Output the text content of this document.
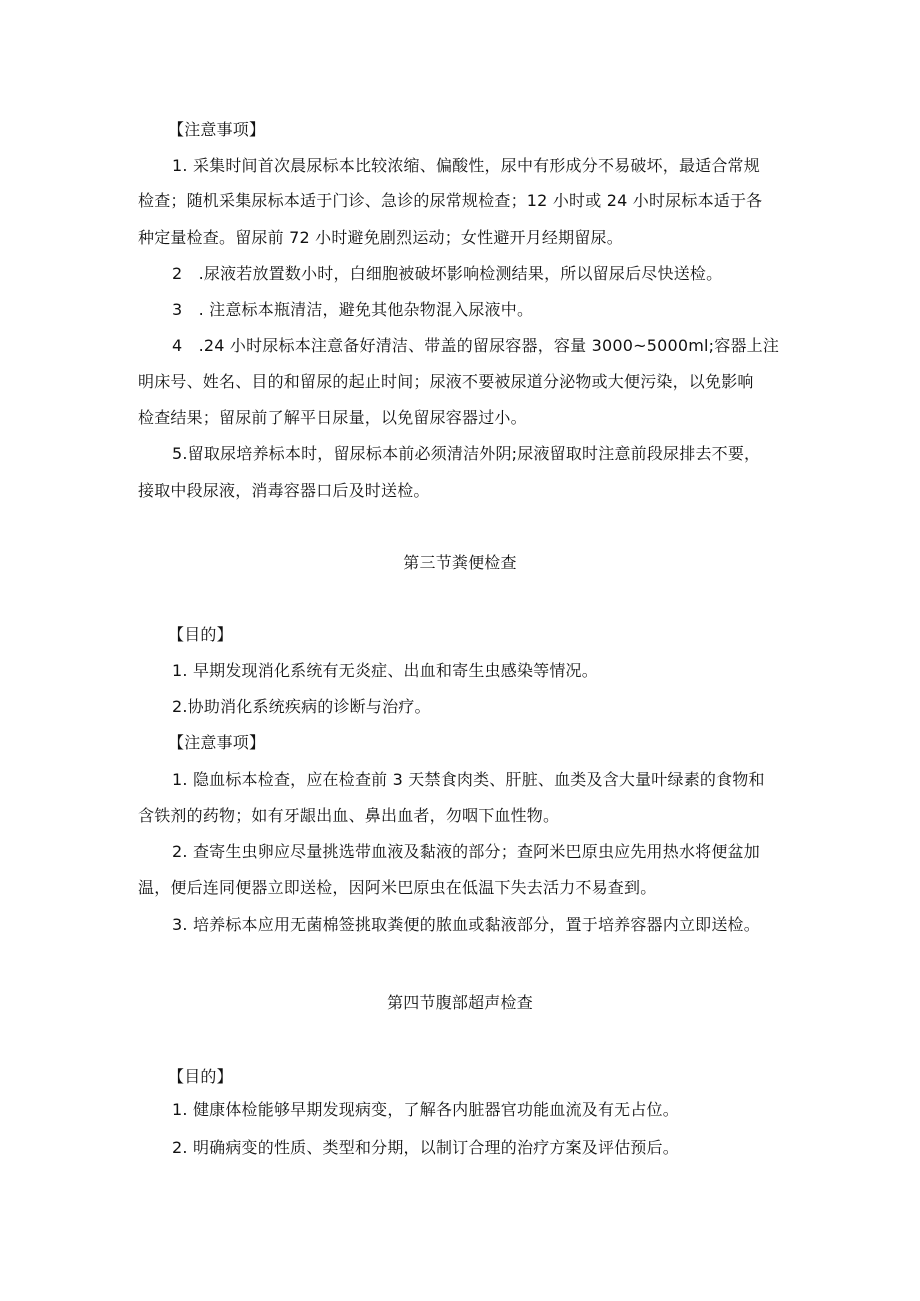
【注意事项】
1. 采集时间首次晨尿标本比较浓缩、偏酸性，尿中有形成分不易破坏，最适合常规
检查；随机采集尿标本适于门诊、急诊的尿常规检查；12 小时或 24 小时尿标本适于各
种定量检查。留尿前 72 小时避免剧烈运动；女性避开月经期留尿。
2　.尿液若放置数小时，白细胞被破坏影响检测结果，所以留尿后尽快送检。
3　. 注意标本瓶清洁，避免其他杂物混入尿液中。
4　.24 小时尿标本注意备好清洁、带盖的留尿容器，容量 3000~5000ml;容器上注
明床号、姓名、目的和留尿的起止时间；尿液不要被尿道分泌物或大便污染，以免影响
检查结果；留尿前了解平日尿量，以免留尿容器过小。
5.留取尿培养标本时，留尿标本前必须清洁外阴;尿液留取时注意前段尿排去不要，
接取中段尿液，消毒容器口后及时送检。
第三节粪便检查
【目的】
1. 早期发现消化系统有无炎症、出血和寄生虫感染等情况。
2.协助消化系统疾病的诊断与治疗。
【注意事项】
1. 隐血标本检查，应在检查前 3 天禁食肉类、肝脏、血类及含大量叶绿素的食物和
含铁剂的药物；如有牙龈出血、鼻出血者，勿咽下血性物。
2. 查寄生虫卵应尽量挑选带血液及黏液的部分；查阿米巴原虫应先用热水将便盆加
温，便后连同便器立即送检，因阿米巴原虫在低温下失去活力不易查到。
3. 培养标本应用无菌棉签挑取粪便的脓血或黏液部分，置于培养容器内立即送检。
第四节腹部超声检查
【目的】
1. 健康体检能够早期发现病变，了解各内脏器官功能血流及有无占位。
2. 明确病变的性质、类型和分期，以制订合理的治疗方案及评估预后。
